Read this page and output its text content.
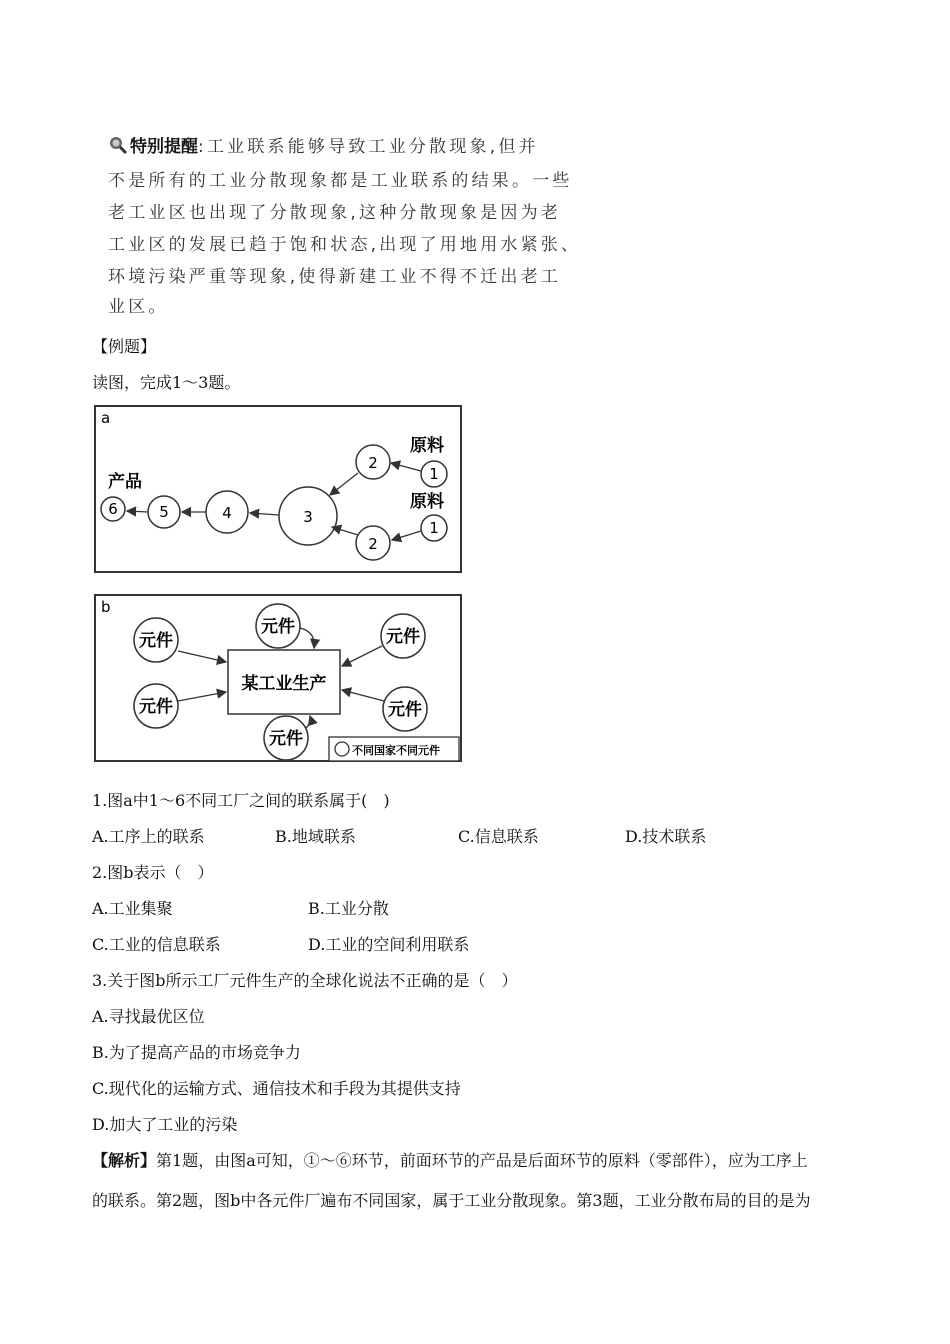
特别提醒:工业联系能够导致工业分散现象,但并
不是所有的工业分散现象都是工业联系的结果。一些
老工业区也出现了分散现象,这种分散现象是因为老
工业区的发展已趋于饱和状态,出现了用地用水紧张、
环境污染严重等现象,使得新建工业不得不迁出老工
业区。
【例题】
读图，完成1～3题。
a
产品
原料
原料
6	5	4	3
2
1
2
1
b
某工业生产
元件
元件	元件
元件	元件
元件
不同国家不同元件
1.图a中1～6不同工厂之间的联系属于(　)
A.工序上的联系	B.地域联系	C.信息联系	D.技术联系
2.图b表示（　）
A.工业集聚	B.工业分散
C.工业的信息联系	D.工业的空间利用联系
3.关于图b所示工厂元件生产的全球化说法不正确的是（　）
A.寻找最优区位
B.为了提高产品的市场竞争力
C.现代化的运输方式、通信技术和手段为其提供支持
D.加大了工业的污染
【解析】第1题，由图a可知，①～⑥环节，前面环节的产品是后面环节的原料（零部件），应为工序上
的联系。第2题，图b中各元件厂遍布不同国家，属于工业分散现象。第3题，工业分散布局的目的是为
